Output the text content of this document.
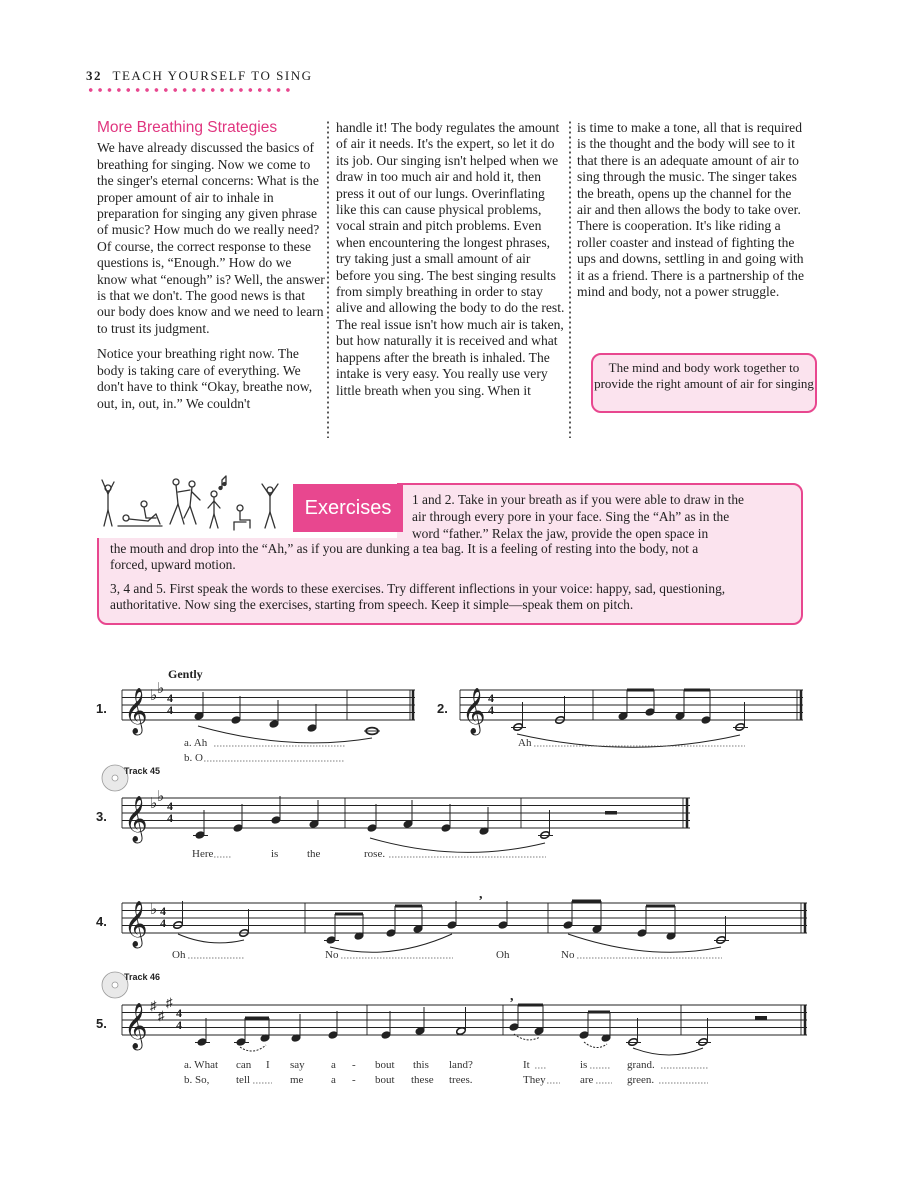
32 TEACH YOURSELF TO SING
More Breathing Strategies

We have already discussed the basics of breathing for singing. Now we come to the singer's eternal concerns: What is the proper amount of air to inhale in preparation for singing any given phrase of music? How much do we really need? Of course, the correct response to these questions is, “Enough.” How do we know what “enough” is? Well, the answer is that we don't. The good news is that our body does know and we need to learn to trust its judgment.

Notice your breathing right now. The body is taking care of everything. We don't have to think “Okay, breathe now, out, in, out, in.” We couldn't

handle it! The body regulates the amount of air it needs. It's the expert, so let it do its job. Our singing isn't helped when we draw in too much air and hold it, then press it out of our lungs. Overinflating like this can cause physical problems, vocal strain and pitch problems. Even when encountering the longest phrases, try taking just a small amount of air before you sing. The best singing results from simply breathing in order to stay alive and allowing the body to do the rest. The real issue isn't how much air is taken, but how naturally it is received and what happens after the breath is inhaled. The intake is very easy. You really use very little breath when you sing. When it

is time to make a tone, all that is required is the thought and the body will see to it that there is an adequate amount of air to sing through the music. The singer takes the breath, opens up the channel for the air and then allows the body to take over. There is cooperation. It's like riding a roller coaster and instead of fighting the ups and downs, settling in and going with it as a friend. There is a partnership of the mind and body, not a power struggle.

The mind and body work together to provide the right amount of air for singing
Exercises	1 and 2. Take in your breath as if you were able to draw in the
air through every pore in your face. Sing the “Ah” as in the
word “father.” Relax the jaw, provide the open space in
the mouth and drop into the “Ah,” as if you are dunking a tea bag. It is a feeling of resting into the body, not a
forced, upward motion.
3, 4 and 5. First speak the words to these exercises. Try different inflections in your voice: happy, sad, questioning,
authoritative. Now sing the exercises, starting from speech. Keep it simple—speak them on pitch.
1. 𝄞 ♭ ♭
4
4
Gently
a. Ah
b. O
2. 𝄞 4
4
Ah
Track 45
3. 𝄞 ♭ ♭
4
4
Here	is	the	rose.
4. 𝄞 ♭ 4
4
,
Oh	No	Oh	No
Track 46
5. 𝄞 ♯
♯
♯
4
4
,
a. What can I say a - bout this land?	It	is	grand.
b. So, tell	me	a - bout these trees.	They	are	green.
